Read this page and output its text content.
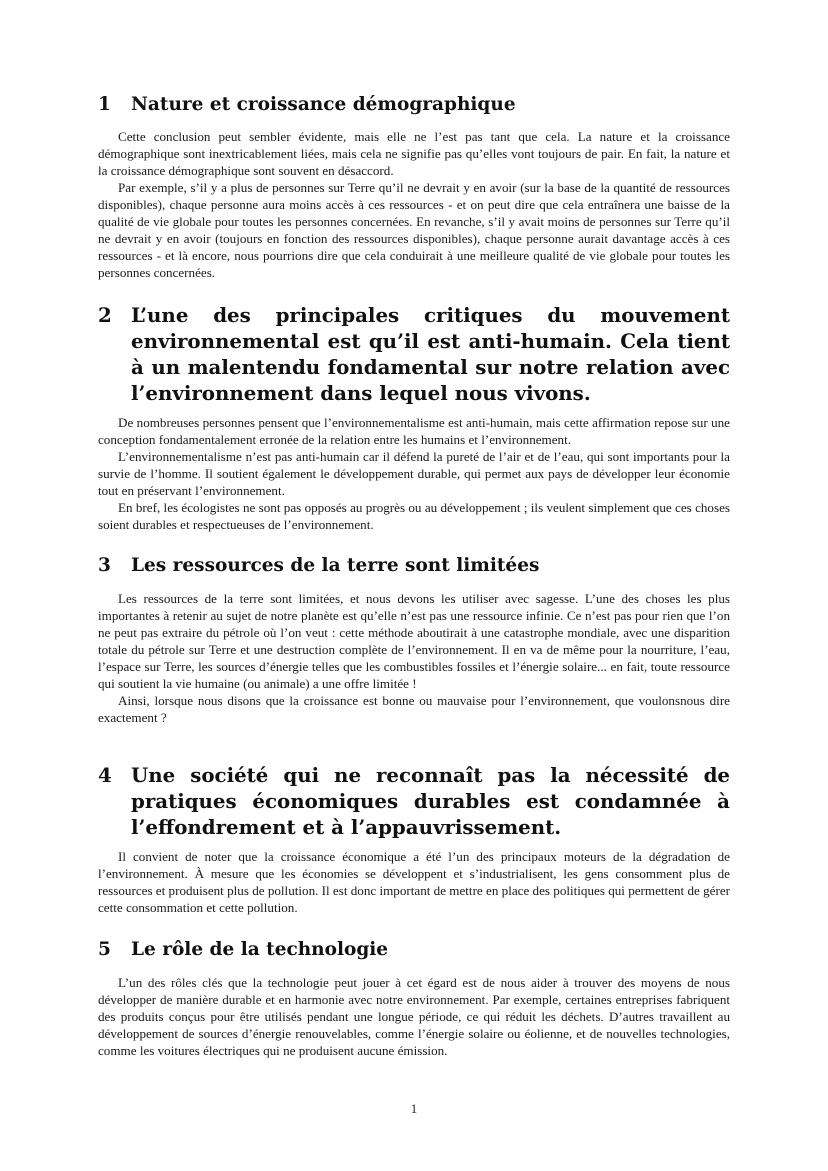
1	Nature et croissance démographique

Cette conclusion peut sembler évidente, mais elle ne l’est pas tant que cela. La nature et la croissance démographique sont inextricablement liées, mais cela ne signifie pas qu’elles vont toujours de pair. En fait, la nature et la croissance démographique sont souvent en désaccord.

Par exemple, s’il y a plus de personnes sur Terre qu’il ne devrait y en avoir (sur la base de la quantité de ressources disponibles), chaque personne aura moins accès à ces ressources - et on peut dire que cela entraînera une baisse de la qualité de vie globale pour toutes les personnes concernées. En revanche, s’il y avait moins de personnes sur Terre qu’il ne devrait y en avoir (toujours en fonction des ressources disponibles), chaque personne aurait davantage accès à ces ressources - et là encore, nous pourrions dire que cela conduirait à une meilleure qualité de vie globale pour toutes les personnes concernées.

2 L’une des principales critiques du mouvement environnemental est qu’il est anti-humain. Cela tient à un malentendu fondamental sur notre relation avec l’environnement dans lequel nous vivons.

De nombreuses personnes pensent que l’environnementalisme est anti-humain, mais cette affirmation repose sur une conception fondamentalement erronée de la relation entre les humains et l’environnement.

L’environnementalisme n’est pas anti-humain car il défend la pureté de l’air et de l’eau, qui sont importants pour la survie de l’homme. Il soutient également le développement durable, qui permet aux pays de développer leur économie tout en préservant l’environnement.

En bref, les écologistes ne sont pas opposés au progrès ou au développement ; ils veulent simplement que ces choses soient durables et respectueuses de l’environnement.

3	Les ressources de la terre sont limitées

Les ressources de la terre sont limitées, et nous devons les utiliser avec sagesse. L’une des choses les plus importantes à retenir au sujet de notre planète est qu’elle n’est pas une ressource infinie. Ce n’est pas pour rien que l’on ne peut pas extraire du pétrole où l’on veut : cette méthode aboutirait à une catastrophe mondiale, avec une disparition totale du pétrole sur Terre et une destruction complète de l’environnement. Il en va de même pour la nourriture, l’eau, l’espace sur Terre, les sources d’énergie telles que les combustibles fossiles et l’énergie solaire... en fait, toute ressource qui soutient la vie humaine (ou animale) a une offre limitée !

Ainsi, lorsque nous disons que la croissance est bonne ou mauvaise pour l’environnement, que voulonsnous dire exactement ?

4 Une société qui ne reconnaît pas la nécessité de pratiques économiques durables est condamnée à l’effondrement et à l’appauvrissement.

Il convient de noter que la croissance économique a été l’un des principaux moteurs de la dégradation de l’environnement. À mesure que les économies se développent et s’industrialisent, les gens consomment plus de ressources et produisent plus de pollution. Il est donc important de mettre en place des politiques qui permettent de gérer cette consommation et cette pollution.

5	Le rôle de la technologie

L’un des rôles clés que la technologie peut jouer à cet égard est de nous aider à trouver des moyens de nous développer de manière durable et en harmonie avec notre environnement. Par exemple, certaines entreprises fabriquent des produits conçus pour être utilisés pendant une longue période, ce qui réduit les déchets. D’autres travaillent au développement de sources d’énergie renouvelables, comme l’énergie solaire ou éolienne, et de nouvelles technologies, comme les voitures électriques qui ne produisent aucune émission.

1
